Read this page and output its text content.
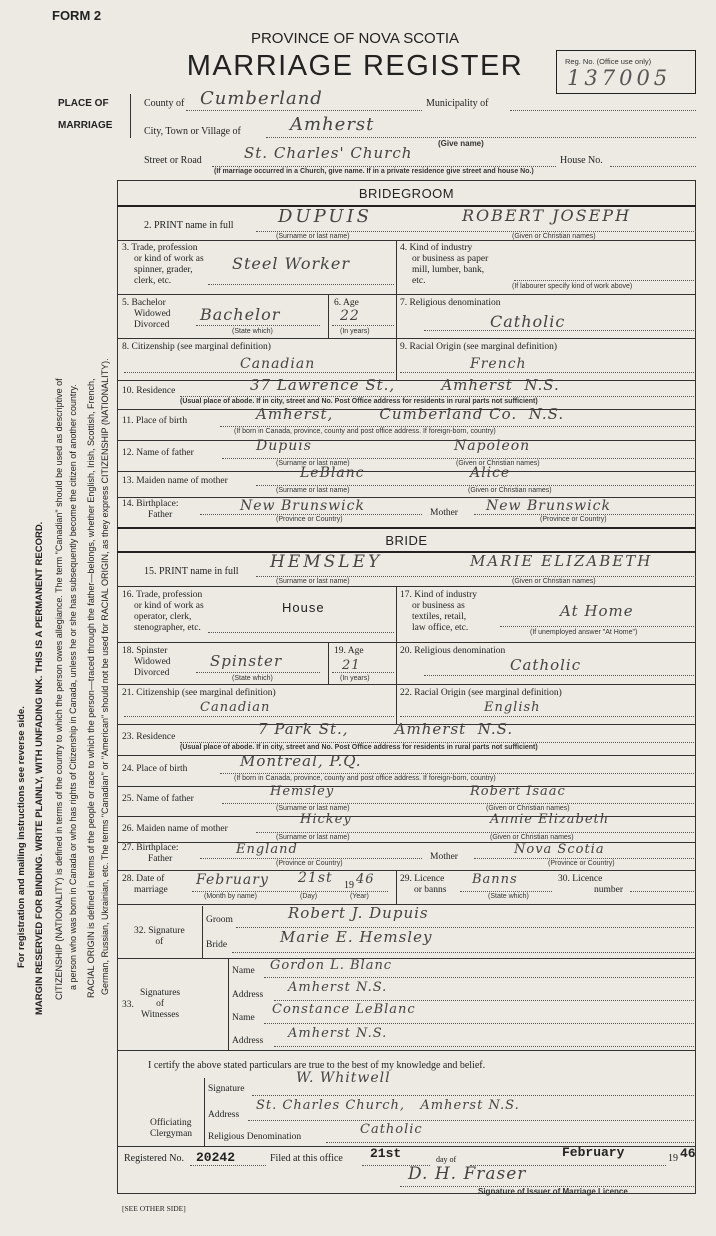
FORM 2
PROVINCE OF NOVA SCOTIA
MARRIAGE REGISTER	Reg. No. (Office use only)
137005
PLACE OF
MARRIAGE
County of Cumberland	Municipality of
City, Town or Village of	Amherst
(Give name)
Street or Road	St. Charles' Church	House No.
(If marriage occurred in a Church, give name. If in a private residence give street and house No.)
For registration and mailing instructions see reverse side. MARGIN RESERVED FOR BINDING. WRITE PLAINLY, WITH UNFADING INK. THIS IS A PERMANENT RECORD. CITIZENSHIP (NATIONALITY) is defined in terms of the country to which the person owes allegiance. The term "Canadian" should be used as descriptive of a person who was born in Canada or who has rights of Citizenship in Canada, unless he or she has subsequently become the citizen of another country. RACIAL ORIGIN is defined in terms of the people or race to which the person—traced through the father—belongs, whether English, Irish, Scottish, French, German, Russian, Ukrainian, etc. The terms "Canadian" or "American" should not be used for RACIAL ORIGIN, as they express CITIZENSHIP (NATIONALITY).
BRIDEGROOM
2. PRINT name in full DUPUIS	ROBERT JOSEPH
(Surname or last name)	(Given or Christian names)
3. Trade, profession
or kind of work as
spinner, grader,
clerk, etc.
Steel Worker
4. Kind of industry
or business as paper
mill, lumber, bank,
etc.
(If labourer specify kind of work above)
5. Bachelor
Widowed
Divorced
Bachelor
(State which)
6. Age
22
(In years)
7. Religious denomination
Catholic
8. Citizenship (see marginal definition)
Canadian
9. Racial Origin (see marginal definition)
French
10. Residence	37 Lawrence St.,        Amherst  N.S.
(Usual place of abode. If in city, street and No. Post Office address for residents in rural parts not sufficient)
11. Place of birth	Amherst,        Cumberland Co.  N.S.
(If born in Canada, province, county and post office address. If foreign-born, country)
12. Name of father	Dupuis	Napoleon
(Surname or last name)	(Given or Christian names)
13. Maiden name of mother	LeBlanc	Alice
(Surname or last name)	(Given or Christian names)
14. Birthplace:
Father
New Brunswick
(Province or Country)
Mother New Brunswick
(Province or Country)
BRIDE
15. PRINT name in full HEMSLEY	MARIE ELIZABETH
(Surname or last name)	(Given or Christian names)
16. Trade, profession
or kind of work as
operator, clerk,
stenographer, etc.
House
17. Kind of industry
or business as
textiles, retail,
law office, etc.
At Home
(If unemployed answer "At Home")
18. Spinster
Widowed
Divorced
Spinster
(State which)
19. Age
21
(In years)
20. Religious denomination
Catholic
21. Citizenship (see marginal definition)
Canadian
22. Racial Origin (see marginal definition)
English
23. Residence	7 Park St.,        Amherst  N.S.
(Usual place of abode. If in city, street and No. Post Office address for residents in rural parts not sufficient)
24. Place of birth	Montreal, P.Q.
(If born in Canada, province, county and post office address. If foreign-born, country)
25. Name of father	Hemsley	Robert Isaac
(Surname or last name)	(Given or Christian names)
26. Maiden name of mother
Hickey	Annie Elizabeth
(Surname or last name)	(Given or Christian names)
27. Birthplace:
Father
England
(Province or Country)
Mother	Nova Scotia
(Province or Country)
28. Date of
marriage
February 21st 19 46
(Month by name)	(Day)	(Year)
29. Licence
or banns
Banns
(State which)
30. Licence
number
32. Signature
of
Groom	Robert J. Dupuis
Bride	Marie E. Hemsley
33.
Signatures
of
Witnesses
Name Gordon L. Blanc
Address Amherst N.S.
Name
Constance LeBlanc
Address Amherst N.S.
I certify the above stated particulars are true to the best of my knowledge and belief.
Officiating
Clergyman
Signature
W. Whitwell
Address
St. Charles Church,   Amherst N.S.
Religious Denomination	Catholic
Registered No. 20242	Filed at this office 21st	day of	February	19 46
D. H. Fraser
Signature of Issuer of Marriage Licence
[SEE OTHER SIDE]
